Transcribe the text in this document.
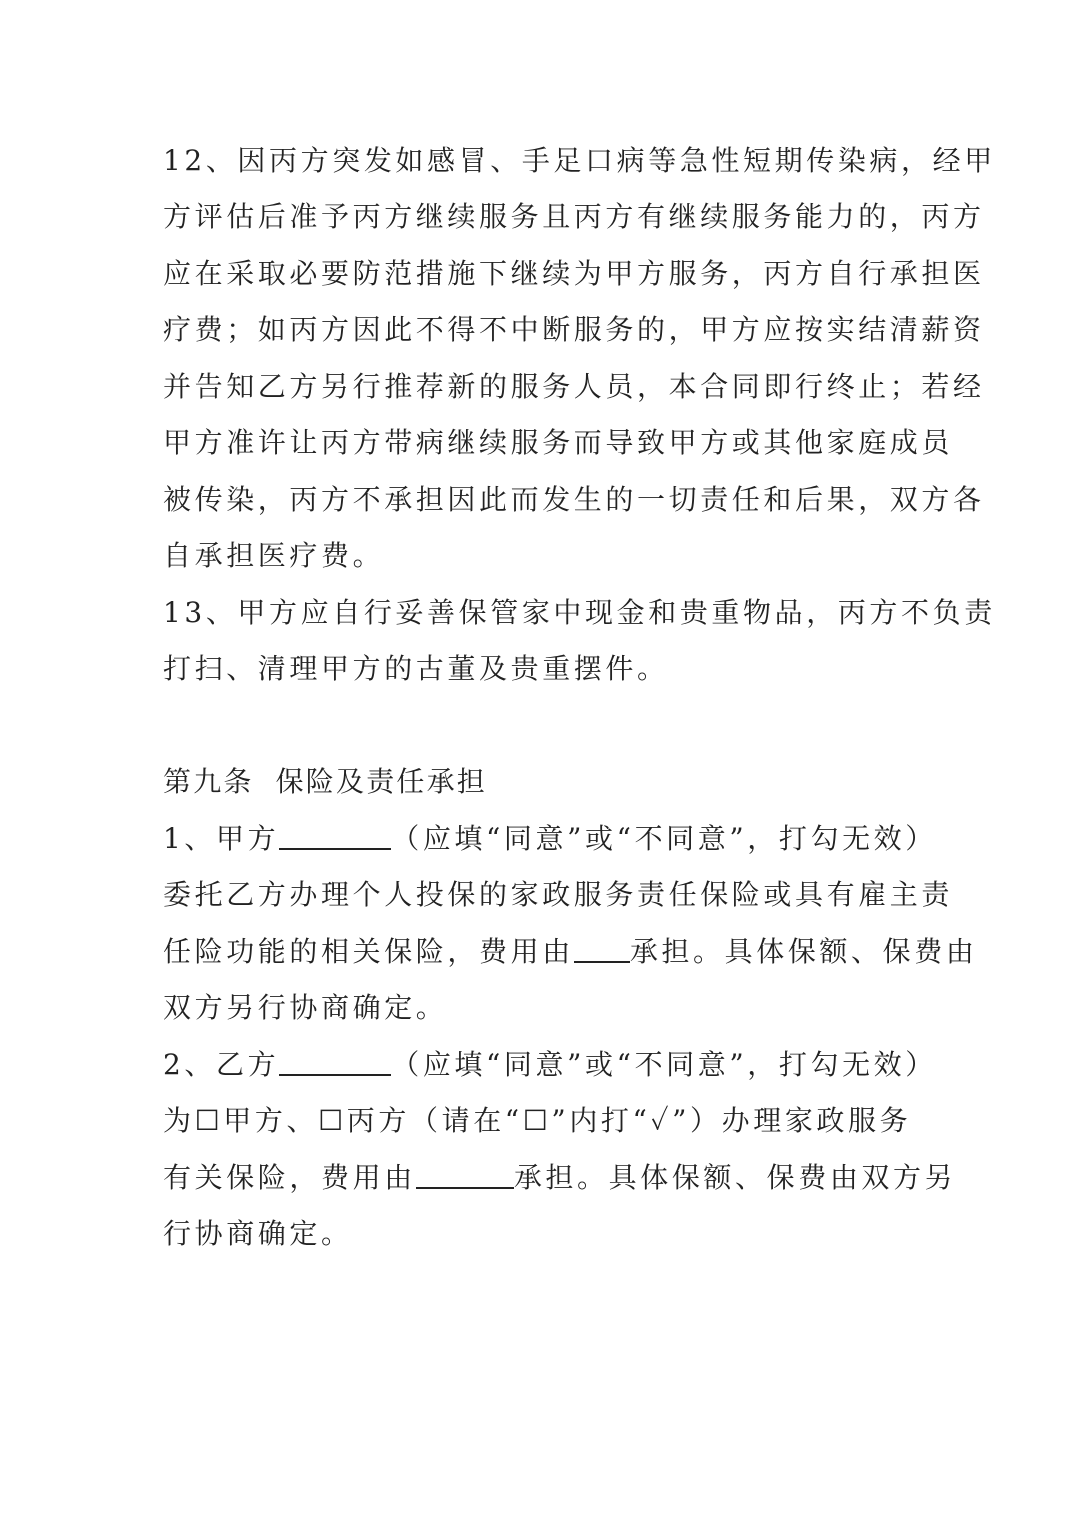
12、因丙方突发如感冒、手足口病等急性短期传染病，经甲
方评估后准予丙方继续服务且丙方有继续服务能力的，丙方
应在采取必要防范措施下继续为甲方服务，丙方自行承担医
疗费；如丙方因此不得不中断服务的，甲方应按实结清薪资
并告知乙方另行推荐新的服务人员，本合同即行终止；若经
甲方准许让丙方带病继续服务而导致甲方或其他家庭成员
被传染，丙方不承担因此而发生的一切责任和后果，双方各
自承担医疗费。
13、甲方应自行妥善保管家中现金和贵重物品，丙方不负责
打扫、清理甲方的古董及贵重摆件。
第九条 保险及责任承担
1、甲方	（应填“同意”或“不同意”，打勾无效）
委托乙方办理个人投保的家政服务责任保险或具有雇主责
任险功能的相关保险，费用由 承担。具体保额、保费由
双方另行协商确定。
2、乙方	（应填“同意”或“不同意”，打勾无效）
为☐甲方、☐丙方（请在“☐”内打“✓”）办理家政服务
有关保险，费用由	承担。具体保额、保费由双方另
行协商确定。
